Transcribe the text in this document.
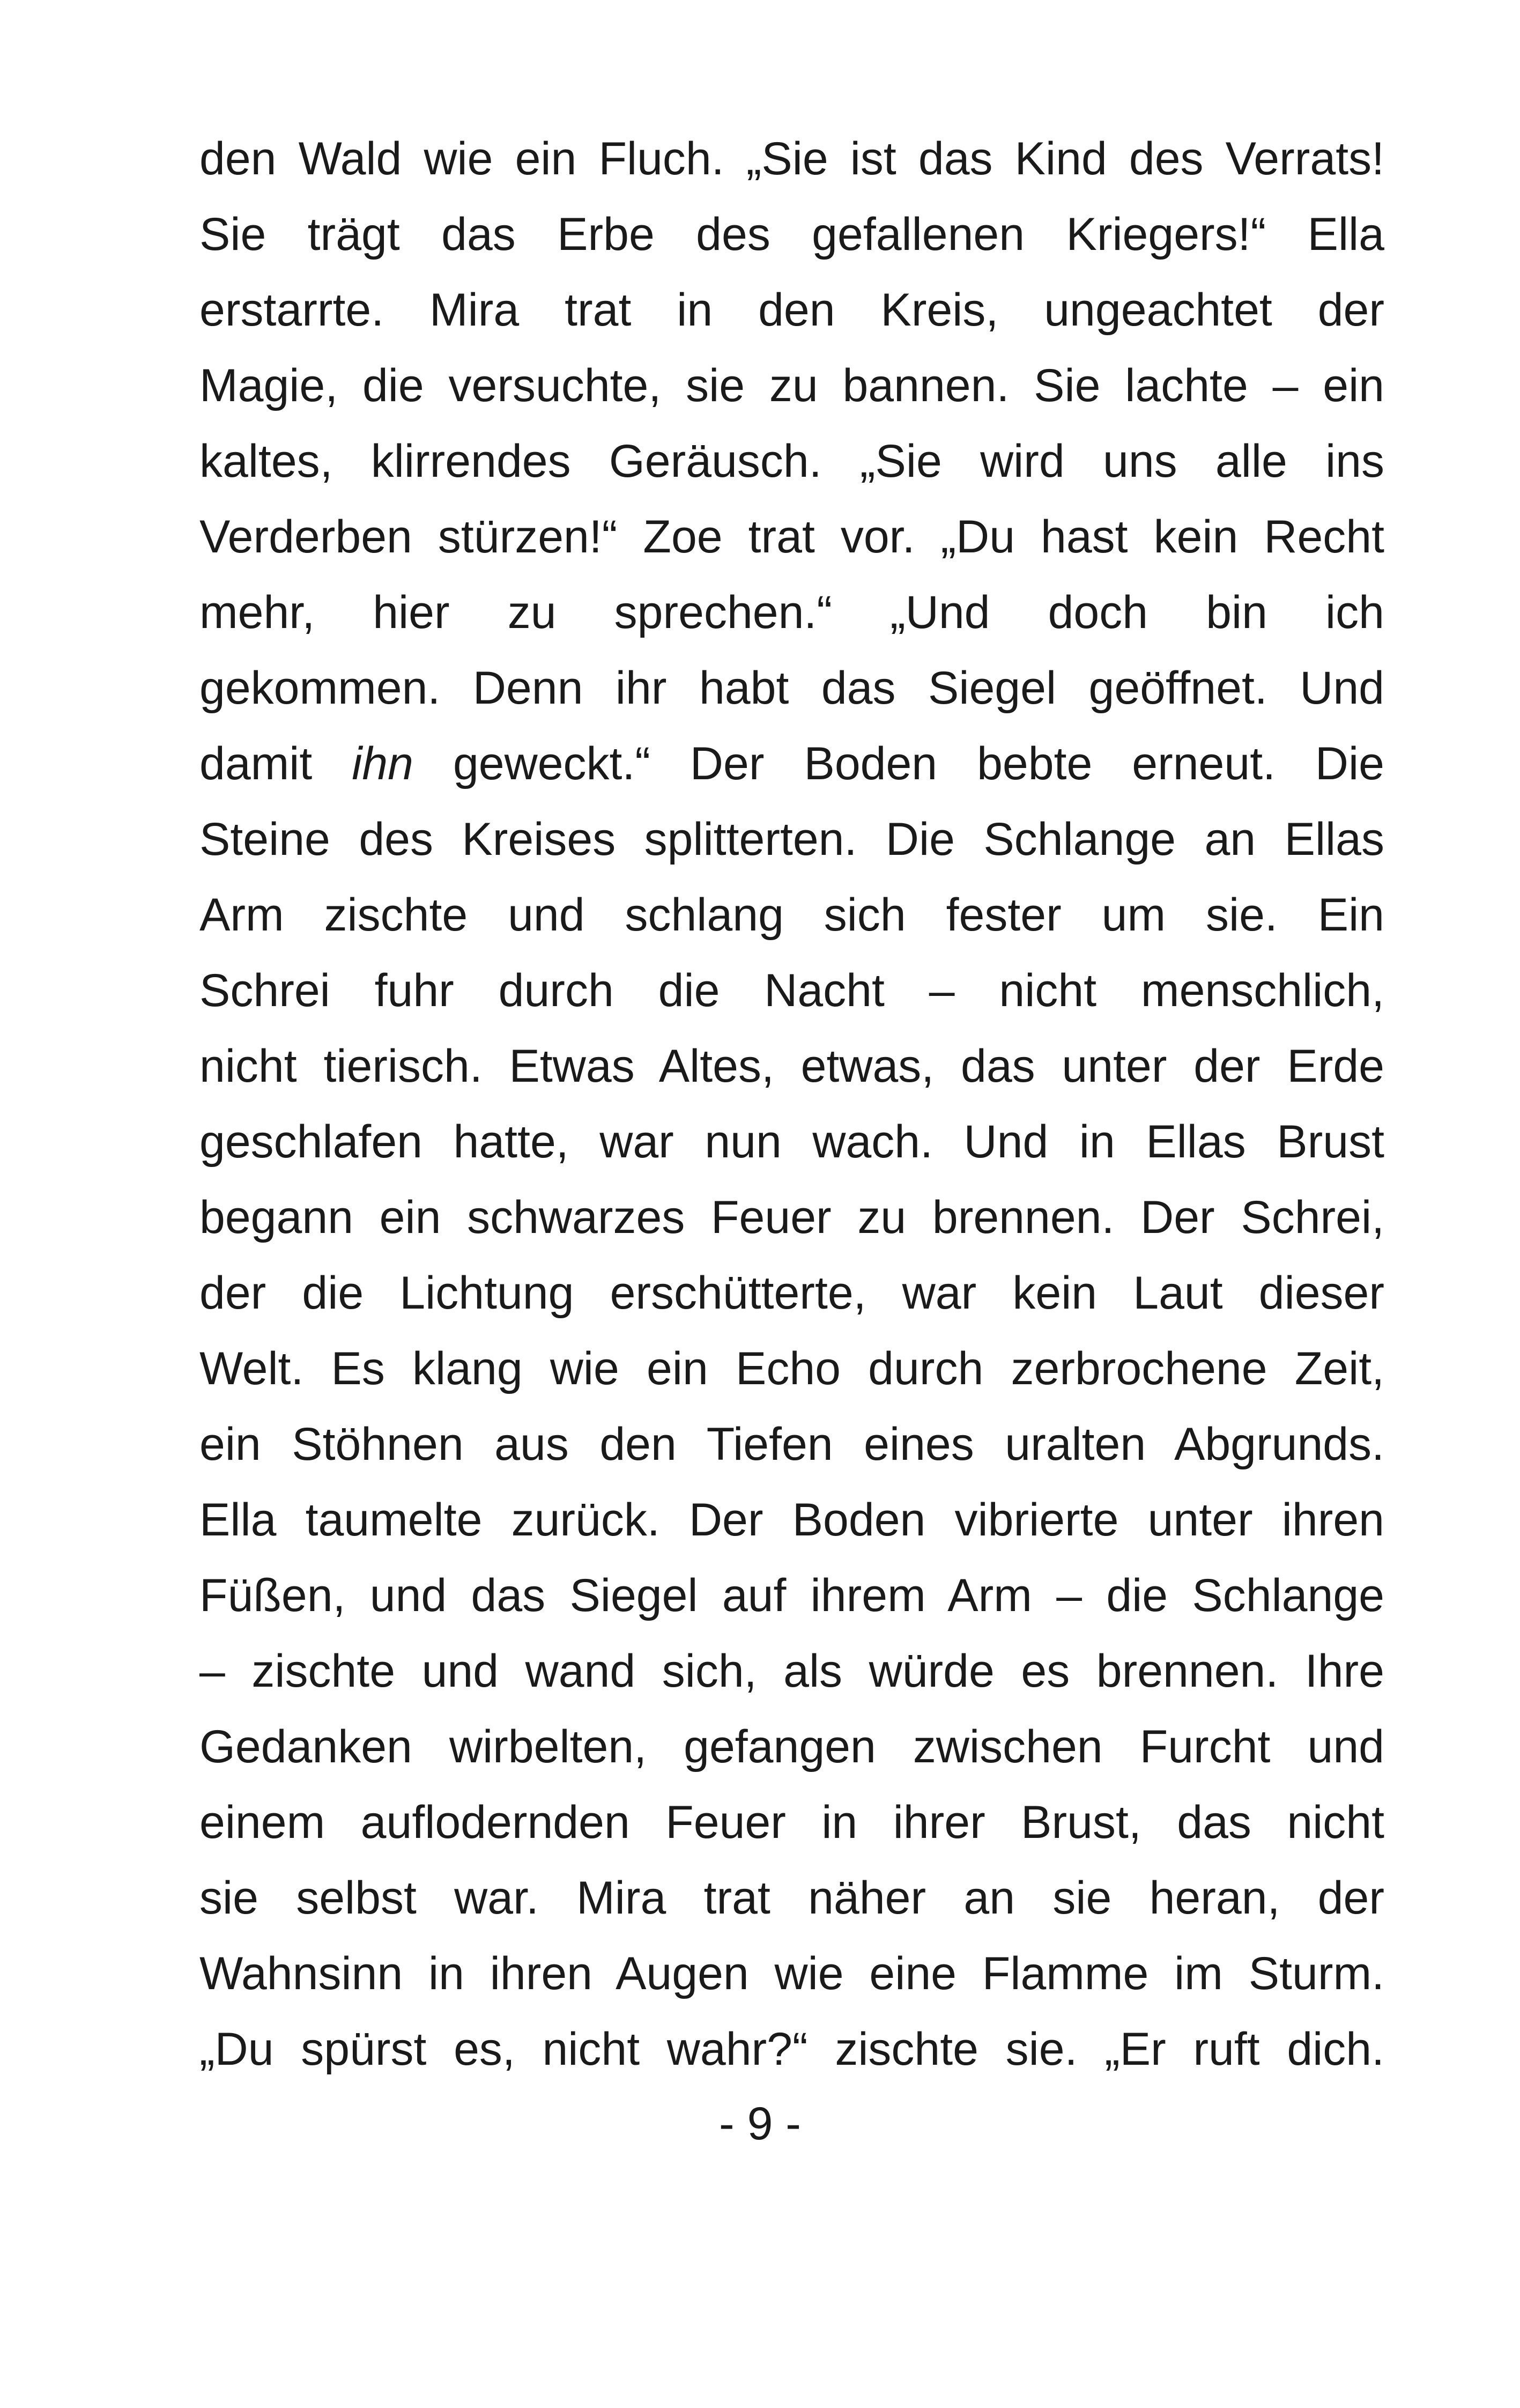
den Wald wie ein Fluch. „Sie ist das Kind des Verrats!
Sie trägt das Erbe des gefallenen Kriegers!“ Ella
erstarrte. Mira trat in den Kreis, ungeachtet der
Magie, die versuchte, sie zu bannen. Sie lachte – ein
kaltes, klirrendes Geräusch. „Sie wird uns alle ins
Verderben stürzen!“ Zoe trat vor. „Du hast kein Recht
mehr, hier zu sprechen.“ „Und doch bin ich
gekommen. Denn ihr habt das Siegel geöffnet. Und
damit ihn geweckt.“ Der Boden bebte erneut. Die
Steine des Kreises splitterten. Die Schlange an Ellas
Arm zischte und schlang sich fester um sie. Ein
Schrei fuhr durch die Nacht – nicht menschlich,
nicht tierisch. Etwas Altes, etwas, das unter der Erde
geschlafen hatte, war nun wach. Und in Ellas Brust
begann ein schwarzes Feuer zu brennen. Der Schrei,
der die Lichtung erschütterte, war kein Laut dieser
Welt. Es klang wie ein Echo durch zerbrochene Zeit,
ein Stöhnen aus den Tiefen eines uralten Abgrunds.
Ella taumelte zurück. Der Boden vibrierte unter ihren
Füßen, und das Siegel auf ihrem Arm – die Schlange
– zischte und wand sich, als würde es brennen. Ihre
Gedanken wirbelten, gefangen zwischen Furcht und
einem auflodernden Feuer in ihrer Brust, das nicht
sie selbst war. Mira trat näher an sie heran, der
Wahnsinn in ihren Augen wie eine Flamme im Sturm.
„Du spürst es, nicht wahr?“ zischte sie. „Er ruft dich.
- 9 -
